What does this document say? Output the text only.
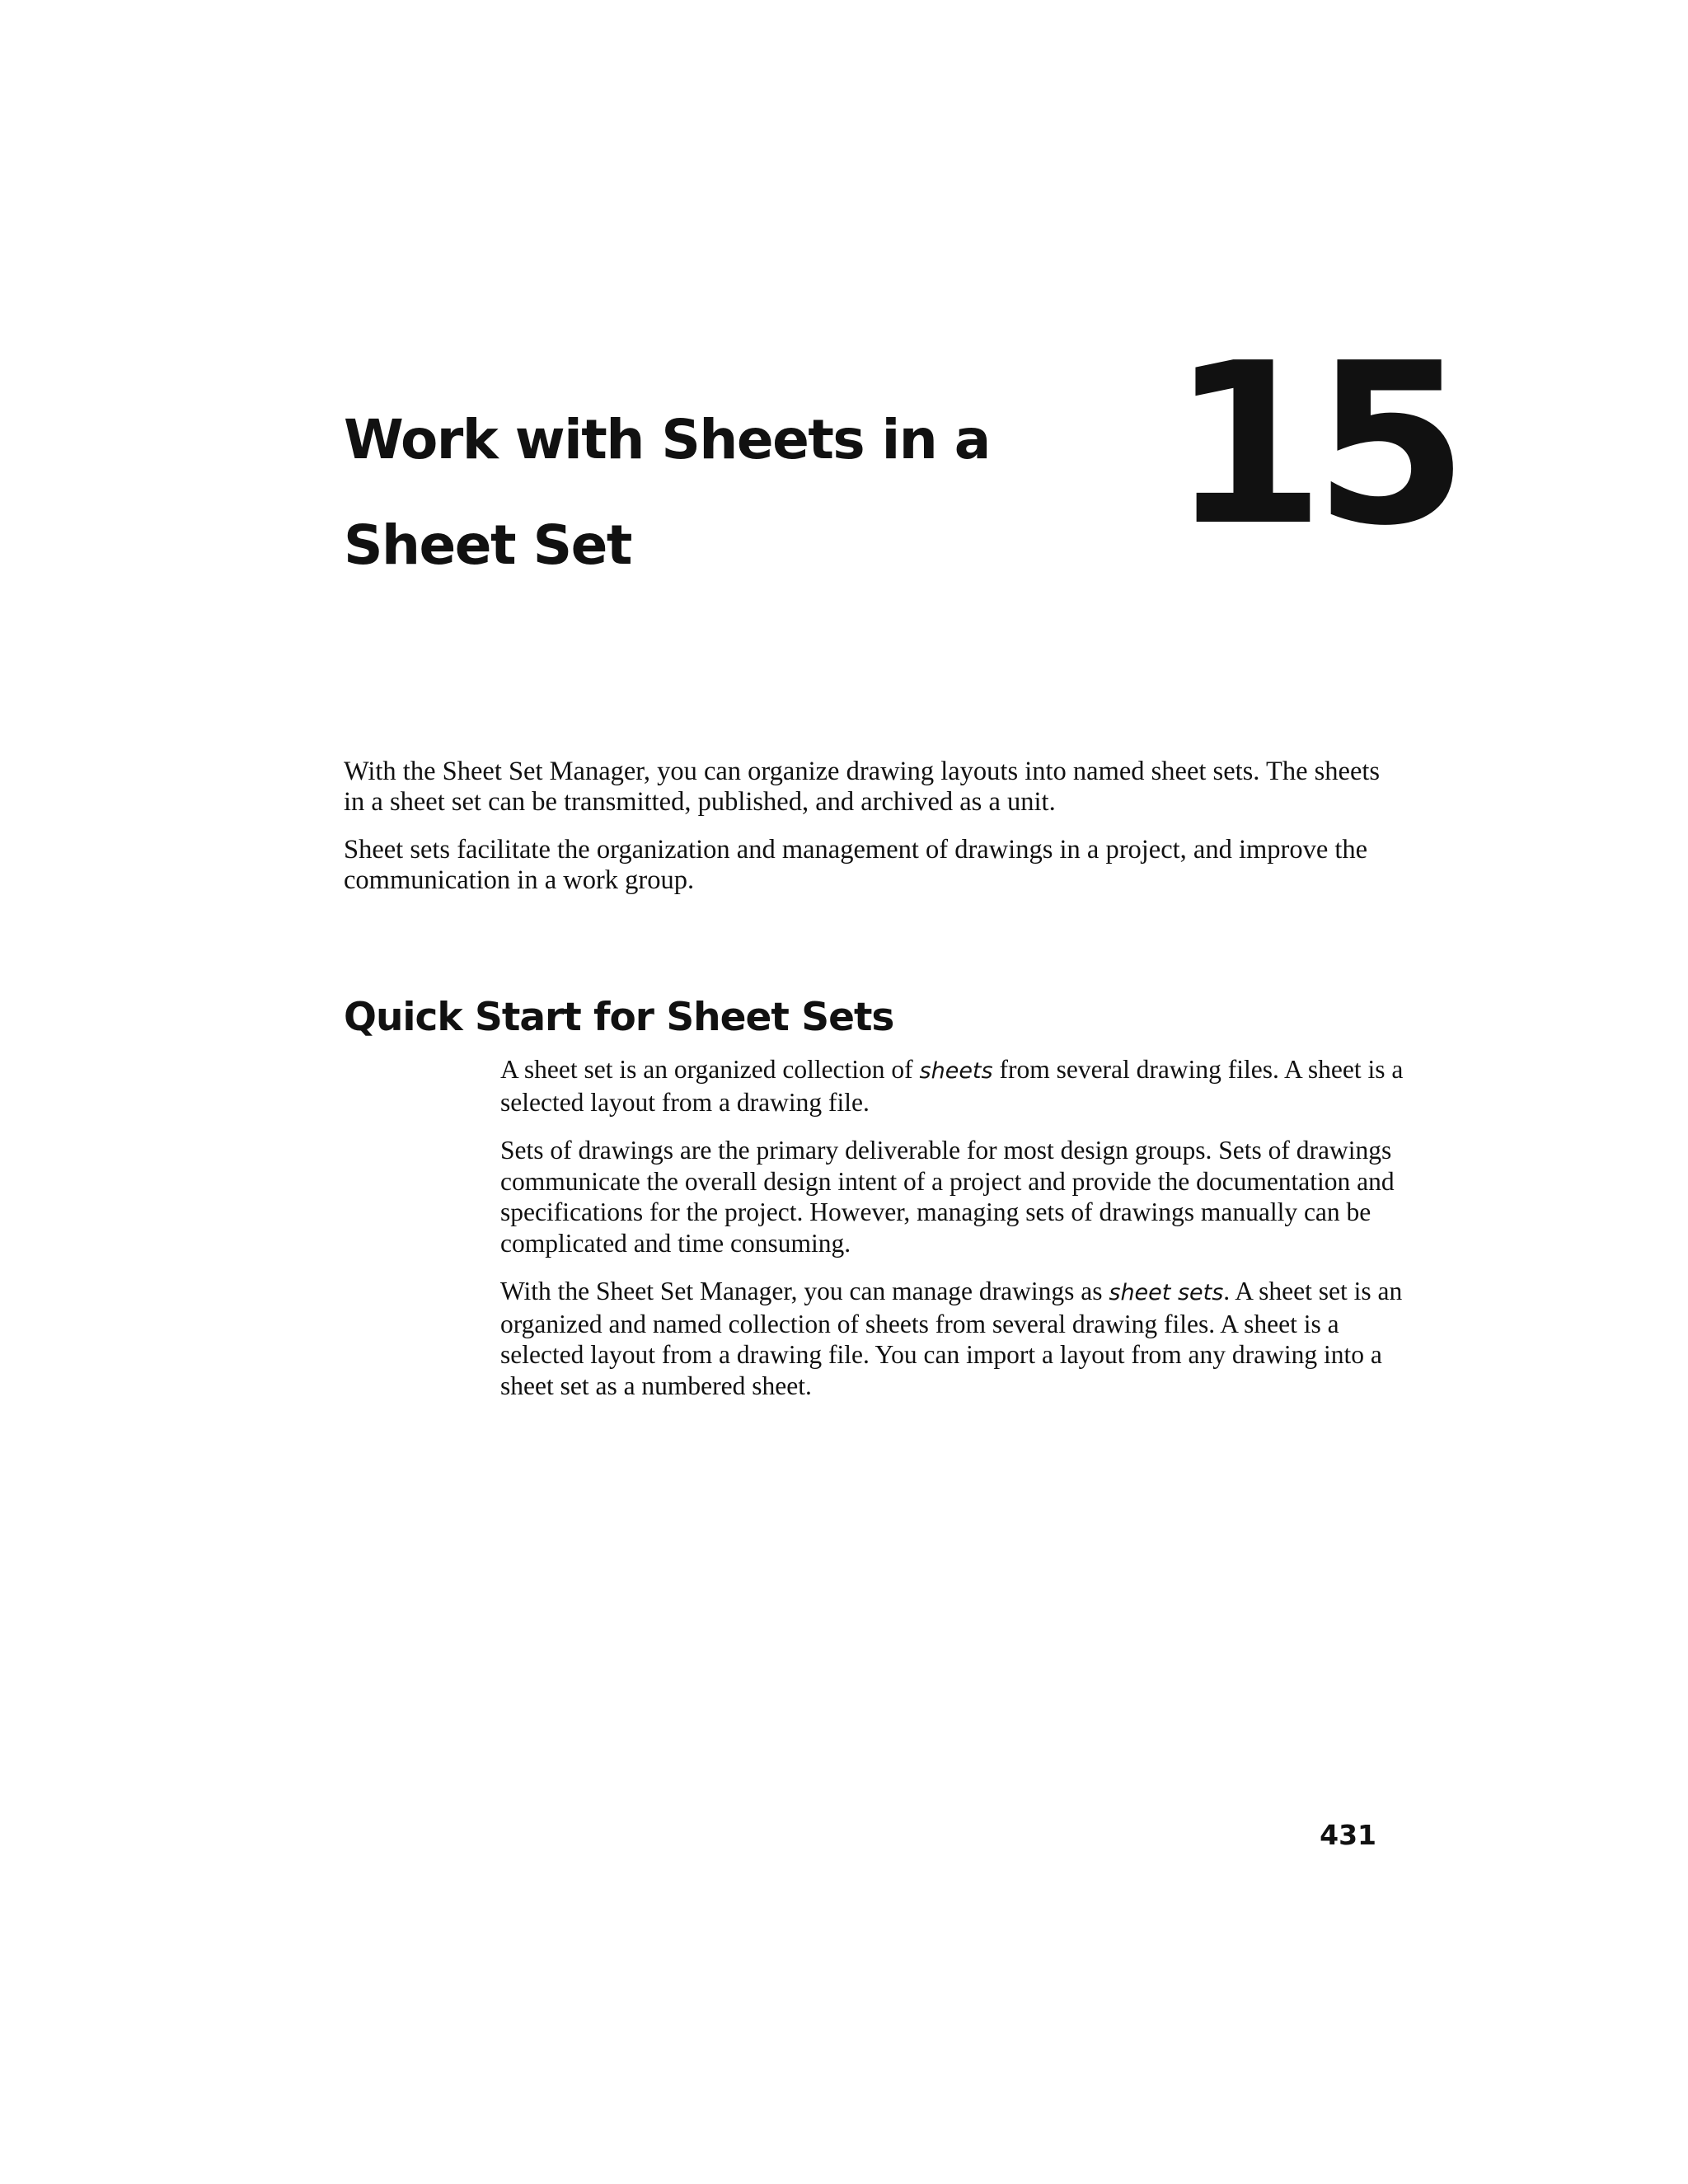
Work with Sheets in a
Sheet Set	15

With the Sheet Set Manager, you can organize drawing layouts into named sheet sets. The sheets in a sheet set can be transmitted, published, and archived as a unit.

Sheet sets facilitate the organization and management of drawings in a project, and improve the communication in a work group.

Quick Start for Sheet Sets

A sheet set is an organized collection of sheets from several drawing files. A sheet is a selected layout from a drawing file.

Sets of drawings are the primary deliverable for most design groups. Sets of drawings communicate the overall design intent of a project and provide the documentation and specifications for the project. However, managing sets of drawings manually can be complicated and time consuming.

With the Sheet Set Manager, you can manage drawings as sheet sets. A sheet set is an organized and named collection of sheets from several drawing files. A sheet is a selected layout from a drawing file. You can import a layout from any drawing into a sheet set as a numbered sheet.

431
